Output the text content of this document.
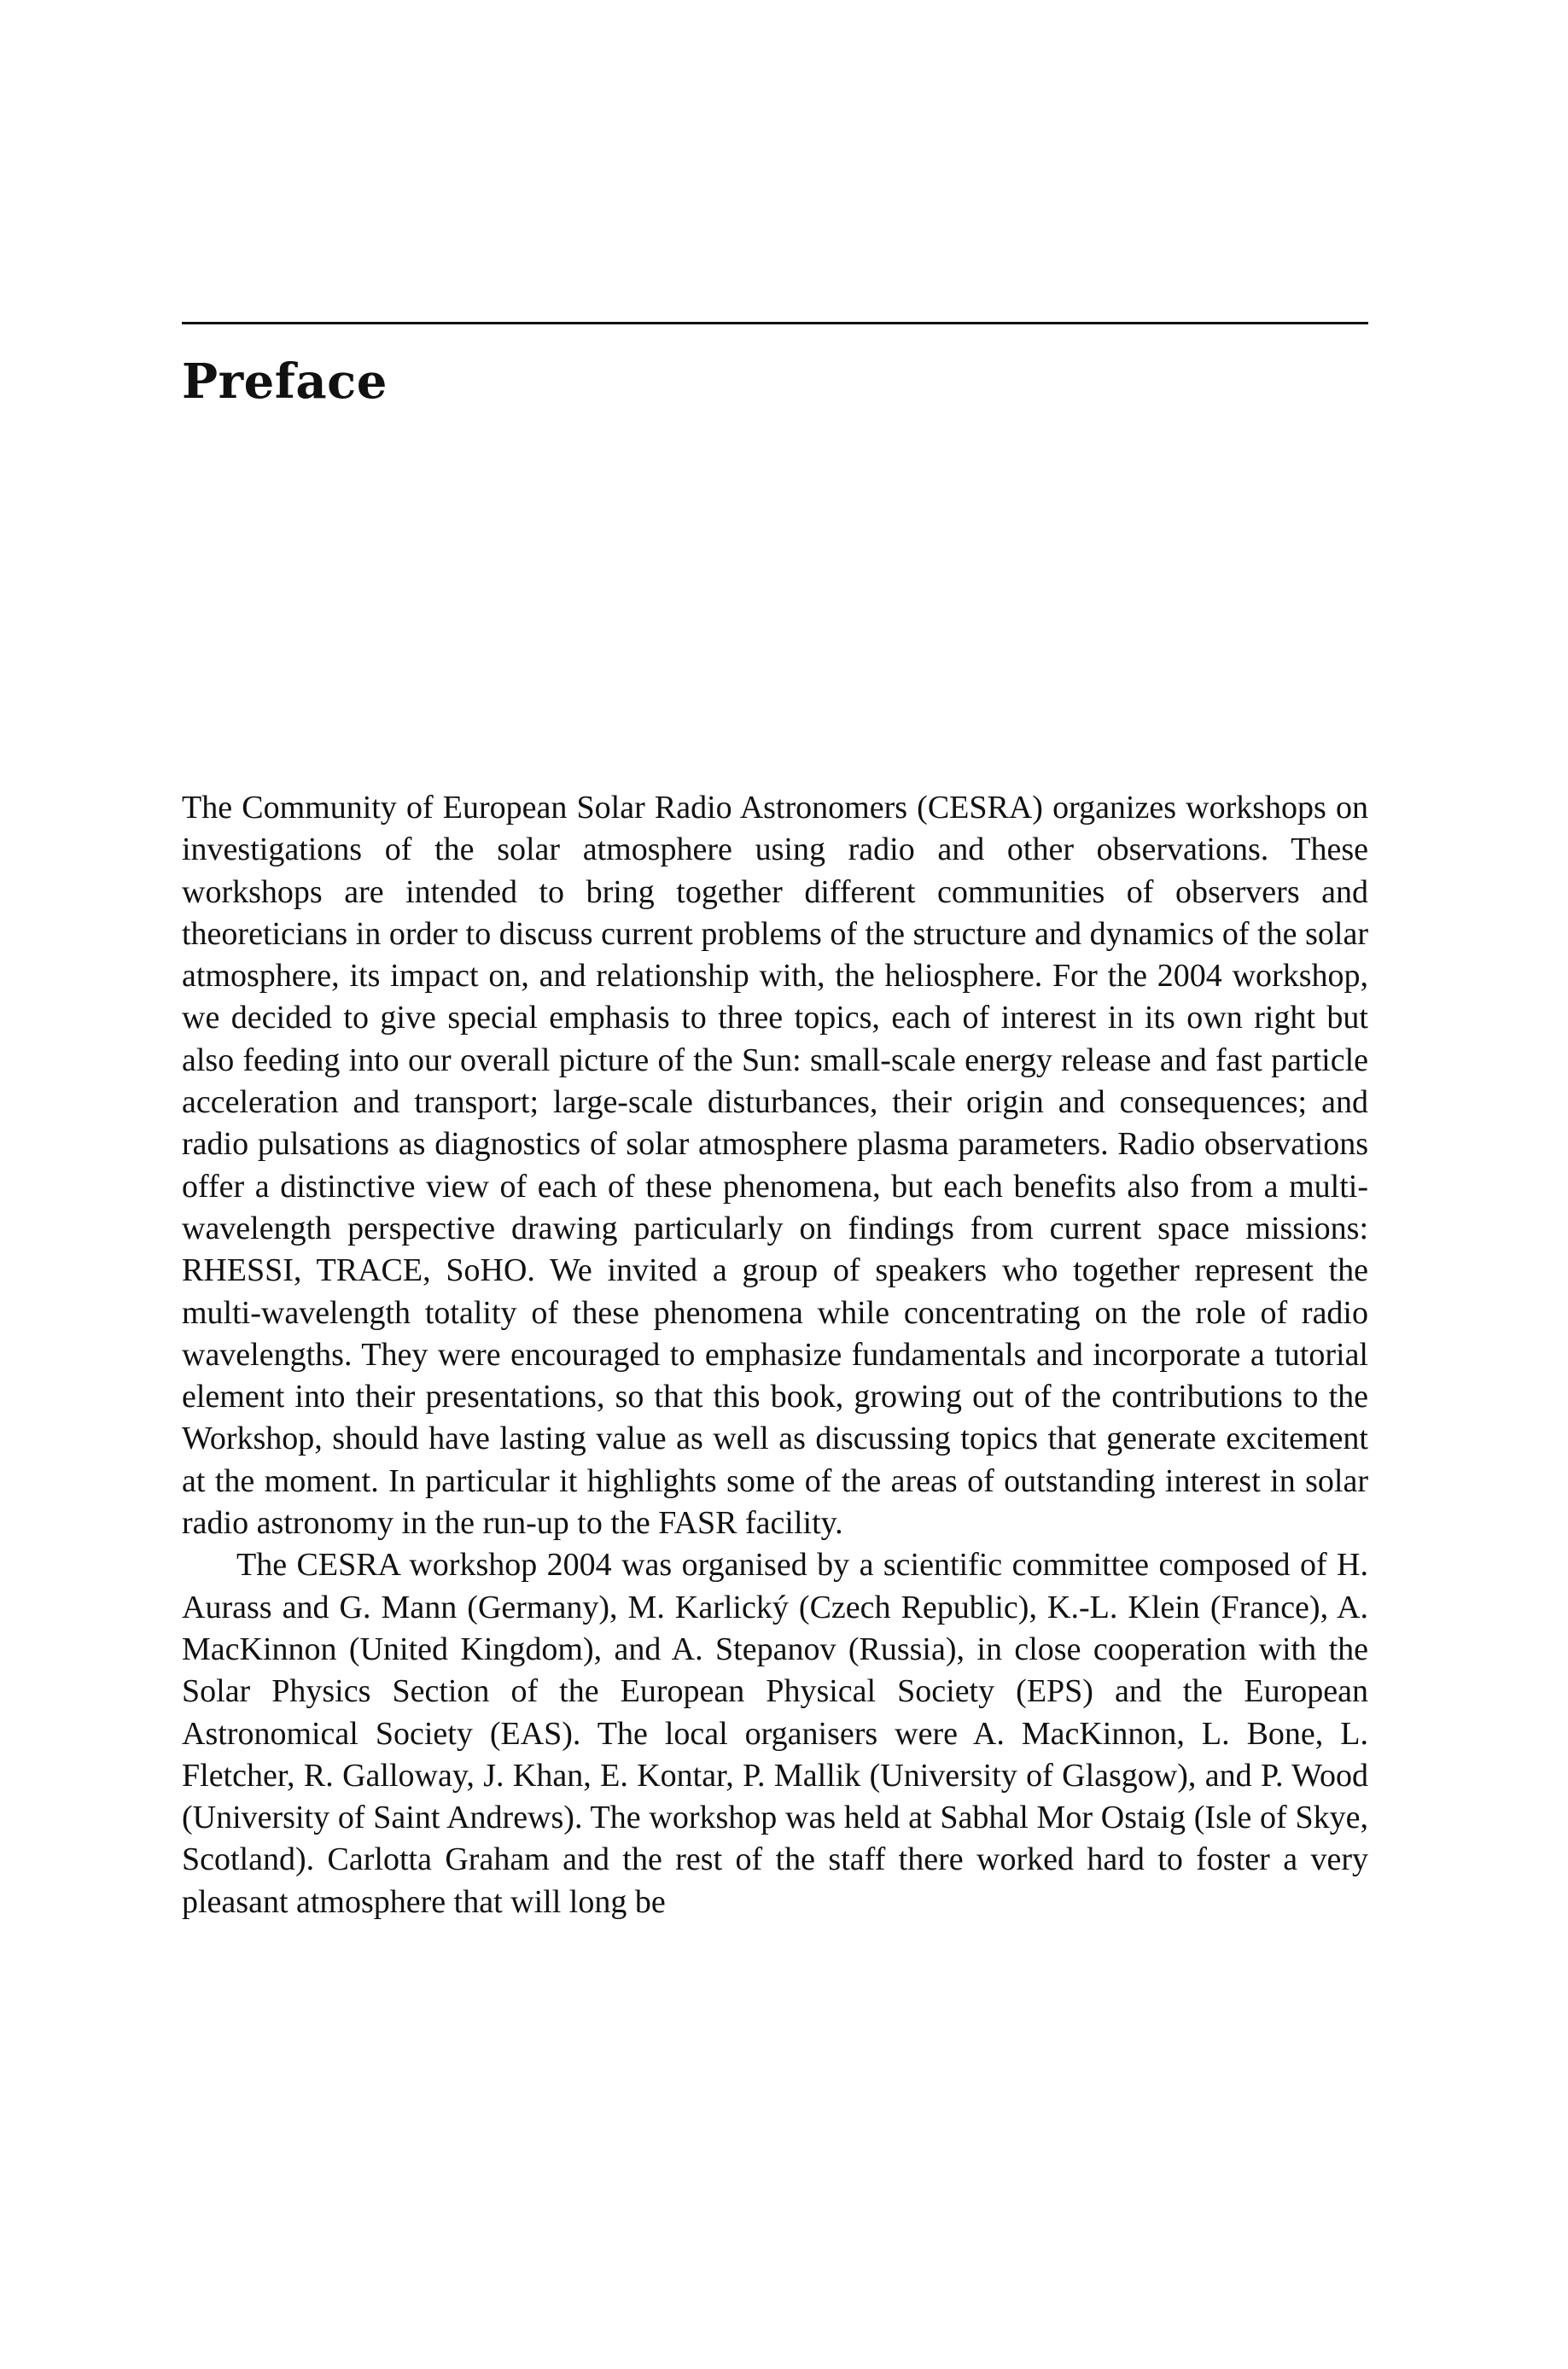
Preface

The Community of European Solar Radio Astronomers (CESRA) organizes workshops on investigations of the solar atmosphere using radio and other observations. These workshops are intended to bring together different communities of observers and theoreticians in order to discuss current problems of the structure and dynamics of the solar atmosphere, its impact on, and relationship with, the heliosphere. For the 2004 workshop, we decided to give special emphasis to three topics, each of interest in its own right but also feeding into our overall picture of the Sun: small-scale energy release and fast particle acceleration and transport; large-scale disturbances, their origin and consequences; and radio pulsations as diagnostics of solar atmosphere plasma parameters. Radio observations offer a distinctive view of each of these phenomena, but each benefits also from a multi-wavelength perspective drawing particularly on findings from current space missions: RHESSI, TRACE, SoHO. We invited a group of speakers who together represent the multi-wavelength totality of these phenomena while concentrating on the role of radio wavelengths. They were encouraged to emphasize fundamentals and incorporate a tutorial element into their presentations, so that this book, growing out of the contributions to the Workshop, should have lasting value as well as discussing topics that generate excitement at the moment. In particular it highlights some of the areas of outstanding interest in solar radio astronomy in the run-up to the FASR facility.

The CESRA workshop 2004 was organised by a scientific committee composed of H. Aurass and G. Mann (Germany), M. Karlický (Czech Republic), K.-L. Klein (France), A. MacKinnon (United Kingdom), and A. Stepanov (Russia), in close cooperation with the Solar Physics Section of the European Physical Society (EPS) and the European Astronomical Society (EAS). The local organisers were A. MacKinnon, L. Bone, L. Fletcher, R. Galloway, J. Khan, E. Kontar, P. Mallik (University of Glasgow), and P. Wood (University of Saint Andrews). The workshop was held at Sabhal Mor Ostaig (Isle of Skye, Scotland). Carlotta Graham and the rest of the staff there worked hard to foster a very pleasant atmosphere that will long be
